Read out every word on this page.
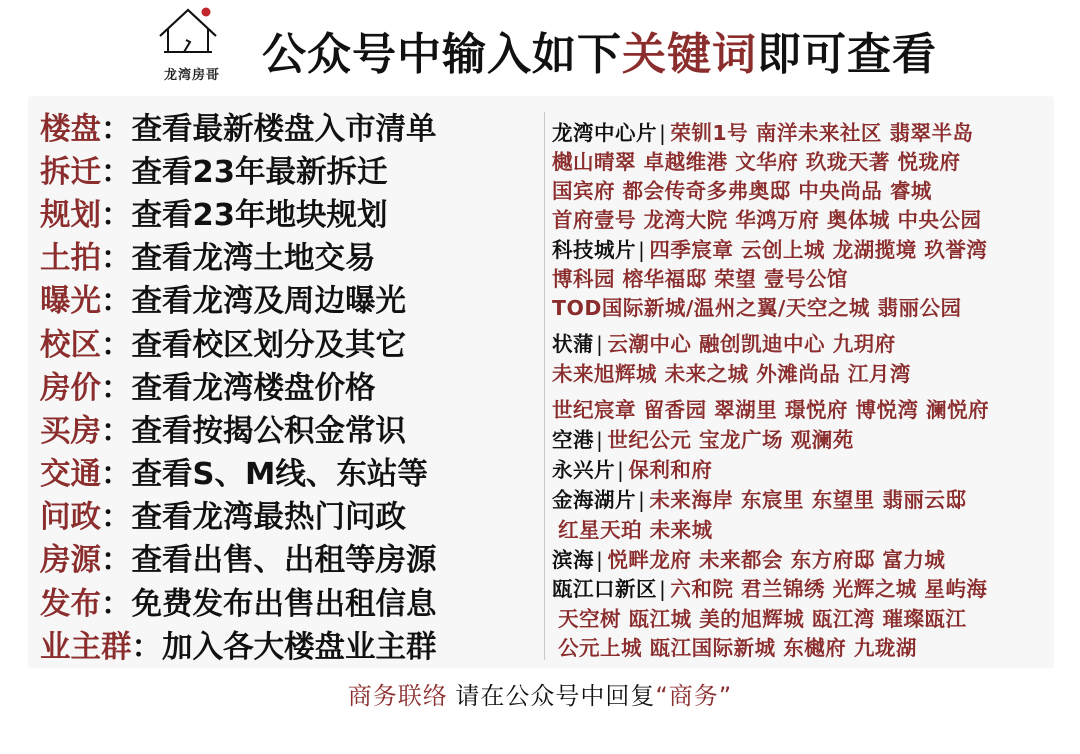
龙湾房哥 公众号中输入如下关键词即可查看
楼盘 ： 查看最新楼盘入市清单
拆迁 ： 查看23年最新拆迁
规划 ： 查看23年地块规划
土拍 ： 查看龙湾土地交易
曝光 ： 查看龙湾及周边曝光
校区 ： 查看校区划分及其它
房价 ： 查看龙湾楼盘价格
买房 ： 查看按揭公积金常识
交通 ： 查看S、M线、东站等
问政 ： 查看龙湾最热门问政
房源 ： 查看出售、出租等房源
发布 ： 免费发布出售出租信息
业主群 ： 加入各大楼盘业主群
龙湾中心片| 荣钏1号 南洋未来社区 翡翠半岛
樾山晴翠 卓越维港 文华府 玖珑天著 悦珑府
国宾府 都会传奇多弗奥邸 中央尚品 睿城
首府壹号 龙湾大院 华鸿万府 奥体城 中央公园
科技城片| 四季宸章 云创上城 龙湖揽境 玖誉湾
博科园 榕华福邸 荣望 壹号公馆
TOD国际新城/温州之翼/天空之城 翡丽公园
状蒲| 云潮中心 融创凯迪中心 九玥府
未来旭辉城 未来之城 外滩尚品 江月湾
世纪宸章 留香园 翠湖里 璟悦府 博悦湾 澜悦府
空港| 世纪公元 宝龙广场 观澜苑
永兴片| 保利和府
金海湖片| 未来海岸 东宸里 东望里 翡丽云邸
红星天珀 未来城
滨海| 悦畔龙府 未来都会 东方府邸 富力城
瓯江口新区| 六和院 君兰锦绣 光辉之城 星屿海
天空树 瓯江城 美的旭辉城 瓯江湾 璀璨瓯江
公元上城 瓯江国际新城 东樾府 九珑湖
商务联络 请在公众号中回复“商务”
